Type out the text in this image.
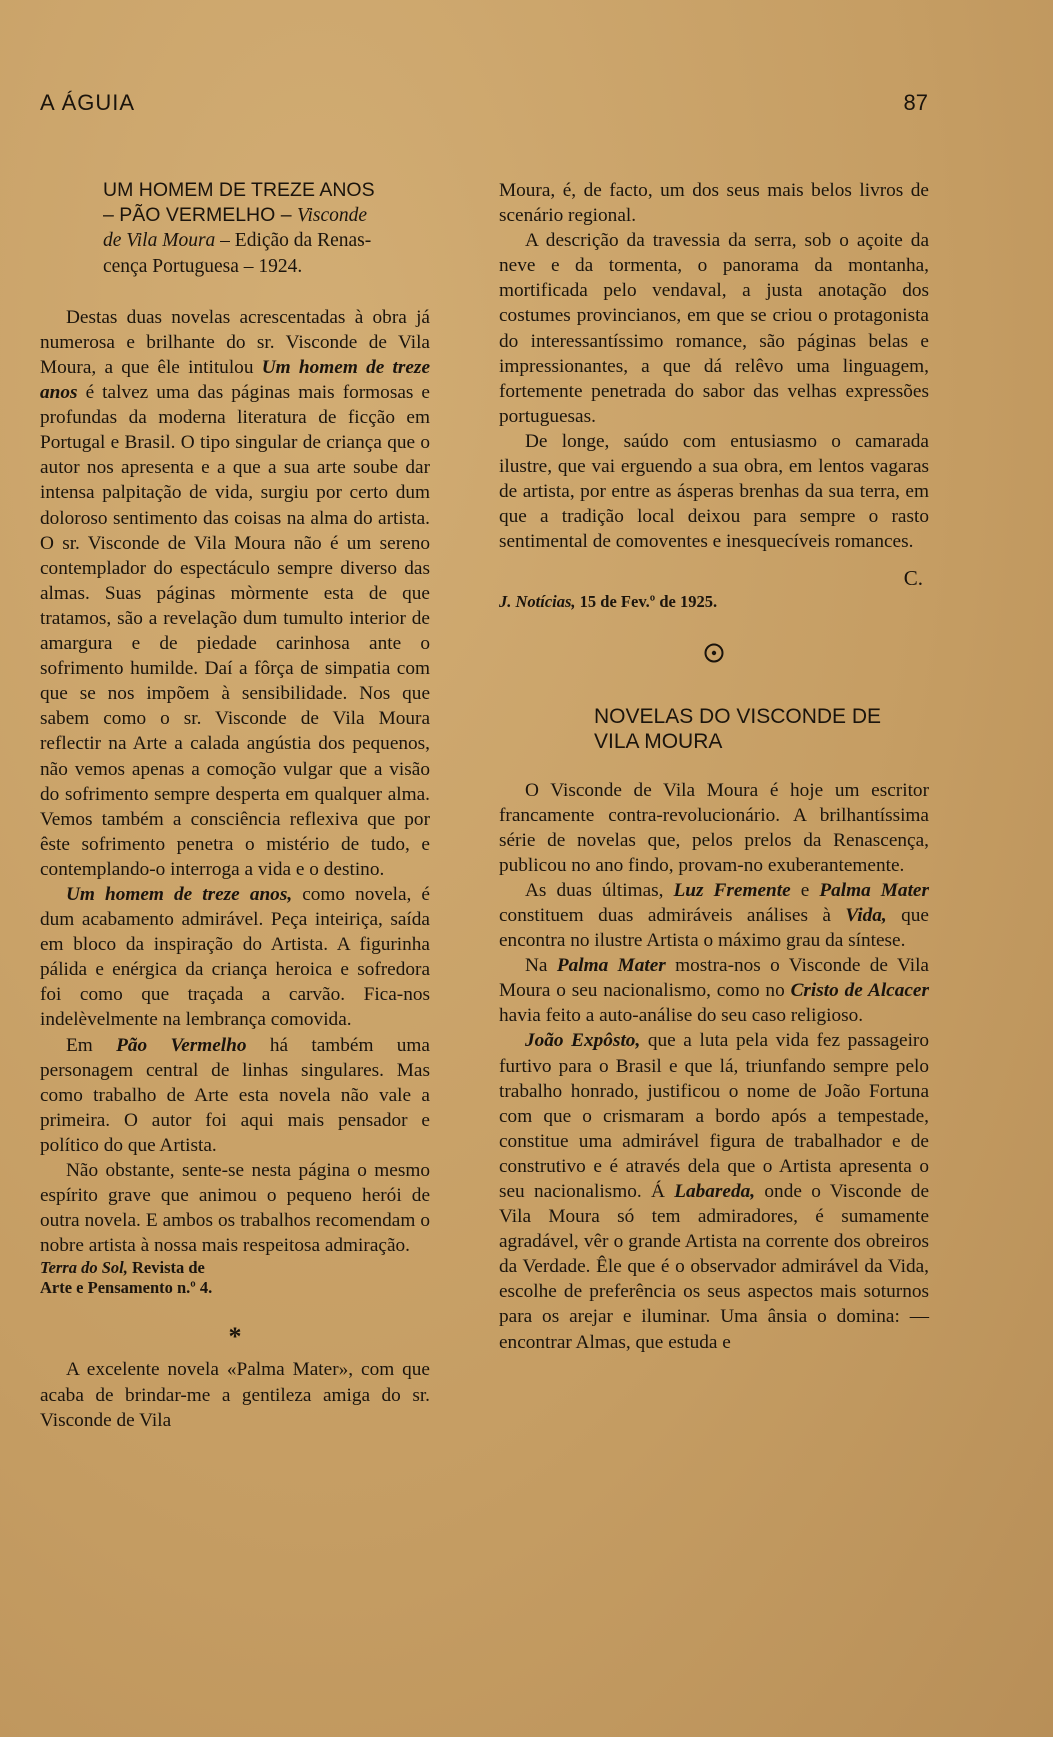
A ÁGUIA	87
UM HOMEM DE TREZE ANOS
– PÃO VERMELHO – Visconde
de Vila Moura – Edição da Renas-
cença Portuguesa – 1924.

Destas duas novelas acrescentadas à obra já numerosa e brilhante do sr. Visconde de Vila Moura, a que êle intitulou Um homem de treze anos é talvez uma das páginas mais formosas e profundas da moderna literatura de ficção em Portugal e Brasil. O tipo singular de criança que o autor nos apresenta e a que a sua arte soube dar intensa palpitação de vida, surgiu por certo dum doloroso sentimento das coisas na alma do artista. O sr. Visconde de Vila Moura não é um sereno contemplador do espectáculo sempre diverso das almas. Suas páginas mòrmente esta de que tratamos, são a revelação dum tumulto interior de amargura e de piedade carinhosa ante o sofrimento humilde. Daí a fôrça de simpatia com que se nos impõem à sensibilidade. Nos que sabem como o sr. Visconde de Vila Moura reflectir na Arte a calada angústia dos pequenos, não vemos apenas a comoção vulgar que a visão do sofrimento sempre desperta em qualquer alma. Vemos também a consciência reflexiva que por êste sofrimento penetra o mistério de tudo, e contemplando-o interroga a vida e o destino.

Um homem de treze anos, como novela, é dum acabamento admirável. Peça inteiriça, saída em bloco da inspiração do Artista. A figurinha pálida e enérgica da criança heroica e sofredora foi como que traçada a carvão. Fica-nos indelèvelmente na lembrança comovida.

Em Pão Vermelho há também uma personagem central de linhas singulares. Mas como trabalho de Arte esta novela não vale a primeira. O autor foi aqui mais pensador e político do que Artista.

Não obstante, sente-se nesta página o mesmo espírito grave que animou o pequeno herói de outra novela. E ambos os trabalhos recomendam o nobre artista à nossa mais respeitosa admiração.

Terra do Sol, Revista de
Arte e Pensamento n.º 4.

*

A excelente novela «Palma Mater», com que acaba de brindar-me a gentileza amiga do sr. Visconde de Vila

Moura, é, de facto, um dos seus mais belos livros de scenário regional.

A descrição da travessia da serra, sob o açoite da neve e da tormenta, o panorama da montanha, mortificada pelo vendaval, a justa anotação dos costumes provincianos, em que se criou o protagonista do interessantíssimo romance, são páginas belas e impressionantes, a que dá relêvo uma linguagem, fortemente penetrada do sabor das velhas expressões portuguesas.

De longe, saúdo com entusiasmo o camarada ilustre, que vai erguendo a sua obra, em lentos vagaras de artista, por entre as ásperas brenhas da sua terra, em que a tradição local deixou para sempre o rasto sentimental de comoventes e inesquecíveis romances.

C.

J. Notícias, 15 de Fev.º de 1925.

NOVELAS DO VISCONDE DE
VILA MOURA

O Visconde de Vila Moura é hoje um escritor francamente contra-revolucionário. A brilhantíssima série de novelas que, pelos prelos da Renascença, publicou no ano findo, provam-no exuberantemente.

As duas últimas, Luz Fremente e Palma Mater constituem duas admiráveis análises à Vida, que encontra no ilustre Artista o máximo grau da síntese.

Na Palma Mater mostra-nos o Visconde de Vila Moura o seu nacionalismo, como no Cristo de Alcacer havia feito a auto-análise do seu caso religioso.

João Expôsto, que a luta pela vida fez passageiro furtivo para o Brasil e que lá, triunfando sempre pelo trabalho honrado, justificou o nome de João Fortuna com que o crismaram a bordo após a tempestade, constitue uma admirável figura de trabalhador e de construtivo e é através dela que o Artista apresenta o seu nacionalismo. Á Labareda, onde o Visconde de Vila Moura só tem admiradores, é sumamente agradável, vêr o grande Artista na corrente dos obreiros da Verdade. Êle que é o observador admirável da Vida, escolhe de preferência os seus aspectos mais soturnos para os arejar e iluminar. Uma ânsia o domina: — encontrar Almas, que estuda e
